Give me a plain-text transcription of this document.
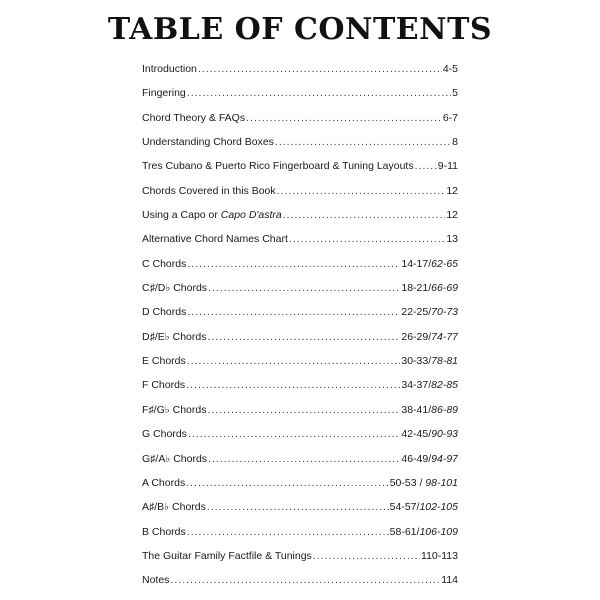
TABLE OF CONTENTS
Introduction .....	4-5
Fingering .....	5
Chord Theory & FAQs .....	6-7
Understanding Chord Boxes .....	8
Tres Cubano & Puerto Rico Fingerboard & Tuning Layouts ..... 9-11
Chords Covered in this Book .....	12
Using a Capo or Capo D'astra .....	12
Alternative Chord Names Chart .....	13
C Chords .....	14-17/62-65
C♯/D♭ Chords .....	18-21/66-69
D Chords .....	22-25/70-73
D♯/E♭ Chords .....	26-29/74-77
E Chords .....	30-33/78-81
F Chords .....	34-37/82-85
F♯/G♭ Chords .....	38-41/86-89
G Chords .....	42-45/90-93
G♯/A♭ Chords .....	46-49/94-97
A Chords .....	50-53 / 98-101
A♯/B♭ Chords .....	54-57/102-105
B Chords .....	58-61/106-109
The Guitar Family Factfile & Tunings .....	110-113
Notes .....	114
